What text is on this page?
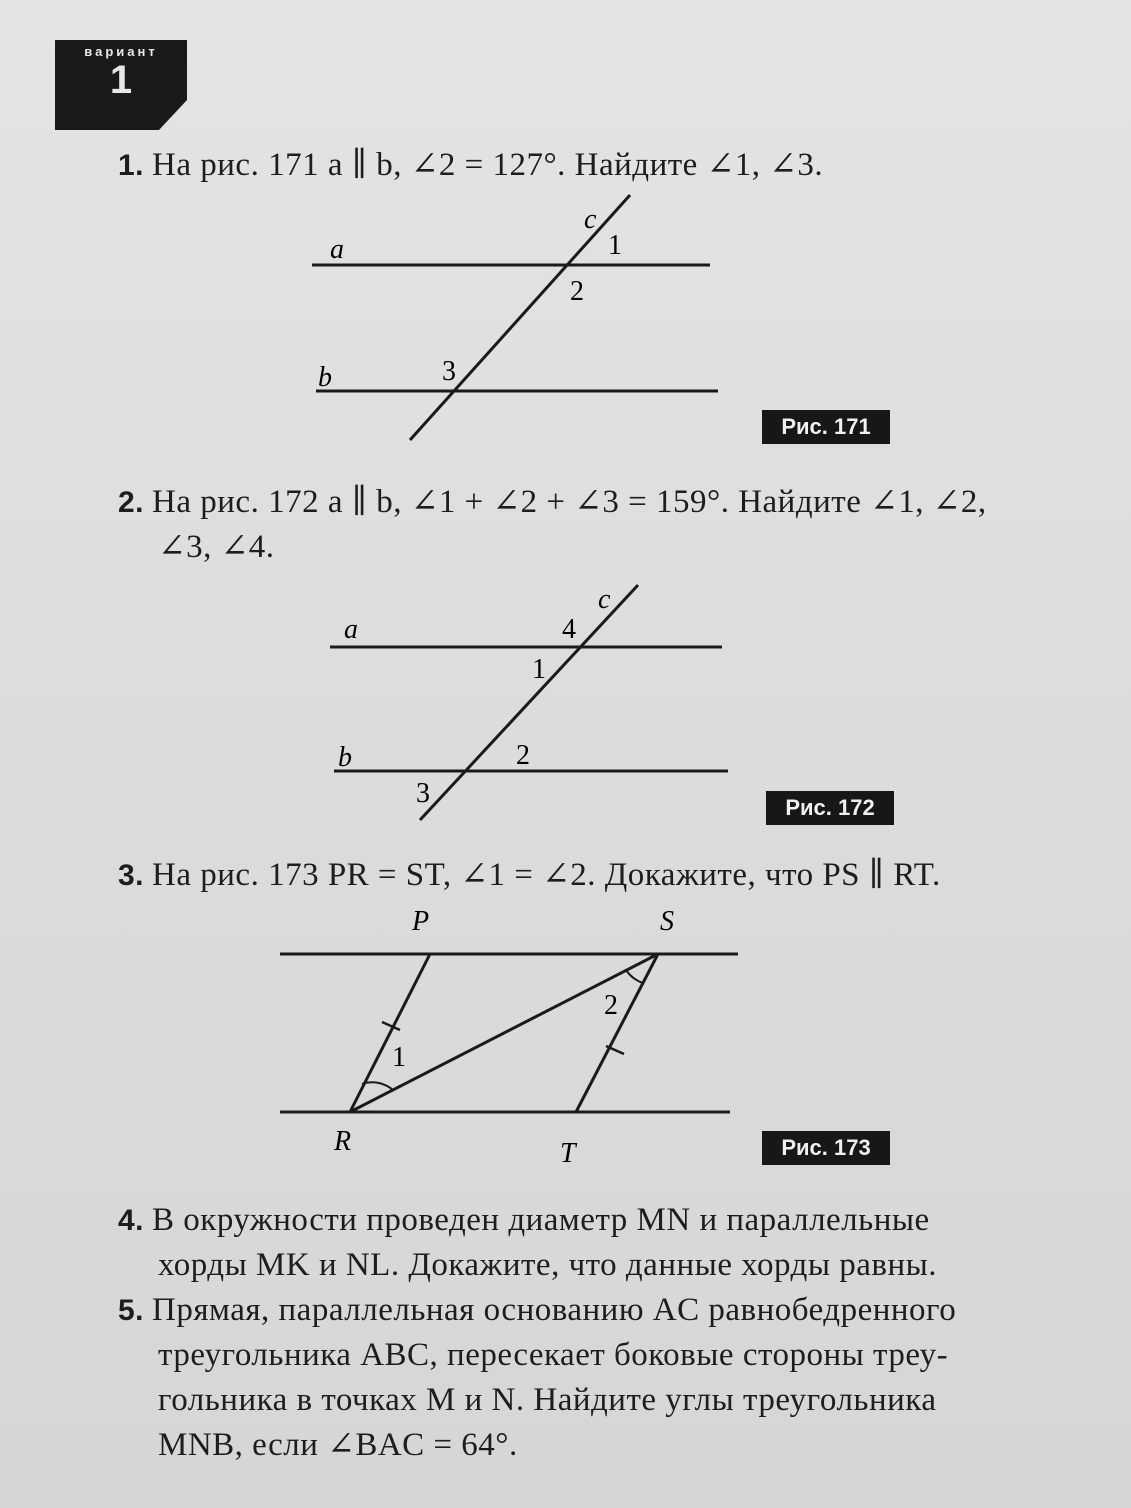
вариант
1
1. На рис. 171 a ∥ b, ∠2 = 127°. Найдите ∠1, ∠3.
a
b
c
1
2
3
Рис. 171
2. На рис. 172 a ∥ b, ∠1 + ∠2 + ∠3 = 159°. Найдите ∠1, ∠2,
∠3, ∠4.
a
b
c
4
1
2
3	Рис. 172
3. На рис. 173 PR = ST, ∠1 = ∠2. Докажите, что PS ∥ RT.
P	S
R	T
1
2
Рис. 173
4. В окружности проведен диаметр MN и параллельные
хорды MK и NL. Докажите, что данные хорды равны.
5. Прямая, параллельная основанию AC равнобедренного
треугольника ABC, пересекает боковые стороны треу-
гольника в точках M и N. Найдите углы треугольника
MNB, если ∠BAC = 64°.
